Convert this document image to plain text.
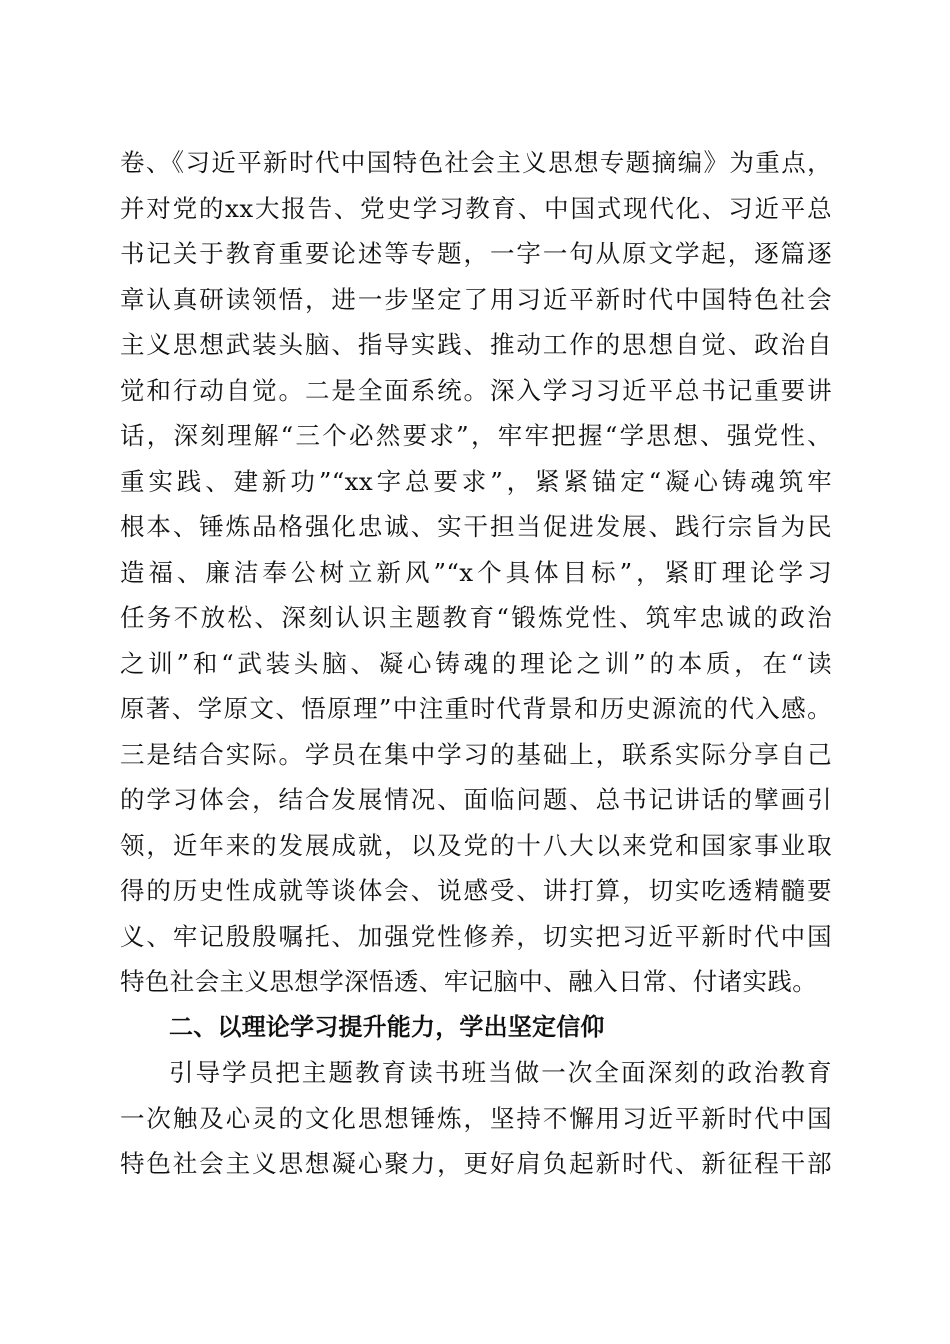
卷、《习近平新时代中国特色社会主义思想专题摘编》为重点，
并对党的xx大报告、党史学习教育、中国式现代化、习近平总
书记关于教育重要论述等专题，一字一句从原文学起，逐篇逐
章认真研读领悟，进一步坚定了用习近平新时代中国特色社会
主义思想武装头脑、指导实践、推动工作的思想自觉、政治自
觉和行动自觉。二是全面系统。深入学习习近平总书记重要讲
话，深刻理解“三个必然要求”，牢牢把握“学思想、强党性、
重实践、建新功”“xx字总要求”，紧紧锚定“凝心铸魂筑牢
根本、锤炼品格强化忠诚、实干担当促进发展、践行宗旨为民
造福、廉洁奉公树立新风”“x个具体目标”，紧盯理论学习
任务不放松、深刻认识主题教育“锻炼党性、筑牢忠诚的政治
之训”和“武装头脑、凝心铸魂的理论之训”的本质，在“读
原著、学原文、悟原理”中注重时代背景和历史源流的代入感。
三是结合实际。学员在集中学习的基础上，联系实际分享自己
的学习体会，结合发展情况、面临问题、总书记讲话的擘画引
领，近年来的发展成就，以及党的十八大以来党和国家事业取
得的历史性成就等谈体会、说感受、讲打算，切实吃透精髓要
义、牢记殷殷嘱托、加强党性修养，切实把习近平新时代中国
特色社会主义思想学深悟透、牢记脑中、融入日常、付诸实践。
二、以理论学习提升能力，学出坚定信仰
引导学员把主题教育读书班当做一次全面深刻的政治教育
一次触及心灵的文化思想锤炼，坚持不懈用习近平新时代中国
特色社会主义思想凝心聚力，更好肩负起新时代、新征程干部
